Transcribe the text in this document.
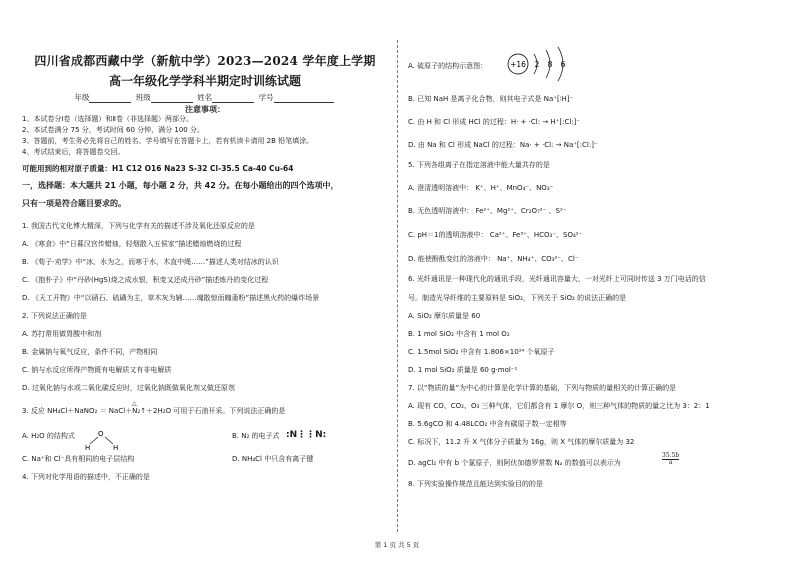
四川省成都西藏中学（新航中学）2023—2024 学年度上学期
高一年级化学学科半期定时训练试题
年级	班级	姓名	学号
注意事项：
1、本试卷分Ⅰ卷（选择题）和Ⅱ卷（非选择题）两部分。
2、本试卷满分 75 分，考试时间 60 分钟，满分 100 分。
3、答题前，考生务必先将自己的姓名、学号填写在答题卡上，若有机读卡请用 2B 铅笔填涂。
4、考试结束后，将答题卷交回。
可能用到的相对原子质量：H1 C12 O16 Na23 S-32 Cl-35.5 Ca-40 Cu-64
一，选择题：本大题共 21 小题，每小题 2 分，共 42 分。在每小题给出的四个选项中，
只有一项是符合题目要求的。
1. 我国古代文化博大精深，下列与化学有关的描述不涉及氧化还原反应的是
A. 《寒食》中“日暮汉宫传蜡烛，轻烟散入五侯家”描述蜡烛燃烧的过程
B. 《荀子·劝学》中“冰，水为之，而寒于水，木直中绳……”描述人类对结冰的认识
C. 《抱朴子》中“丹砂(HgS)烧之成水银，积变又还成丹砂”描述炼丹的变化过程
D. 《天工开物》中“以硝石、硫磺为主，草木灰为辅……魂散惊而魄齑粉”描述黑火药的爆炸场景
2. 下列说法正确的是
A. 苏打常用做胃酸中和剂
B. 金属钠与氧气反应，条件不同，产物相同
C. 钠与水反应所得产物既有电解质又有非电解质
D. 过氧化钠与水或二氧化碳反应时，过氧化钠既做氧化剂又做还原剂
3. 反应 NH₄Cl＋NaNO₂ ＝ NaCl＋N₂↑＋2H₂O 可用于石油开采。下列说法正确的是
△
A. H₂O 的结构式	O
H	H
B. N₂ 的电子式 :N⋮⋮N:
C. Na⁺和 Cl⁻具有相同的电子层结构	D. NH₄Cl 中只含有离子键
4. 下列对化学用语的描述中，不正确的是
A. 硫原子的结构示意图：	+16 2 8 6
B. 已知 NaH 是离子化合物，则其电子式是 Na⁺[∶H]⁻
C. 由 H 和 Cl 形成 HCl 的过程：H· + ·Cl: → H⁺[:Cl:]⁻
D. 由 Na 和 Cl 形成 NaCl 的过程：Na· + ·Cl: → Na⁺[:Cl:]⁻
5. 下列各组离子在指定溶液中能大量共存的是
A. 澄清透明溶液中： K⁺、H⁺、MnO₄⁻、NO₃⁻
B. 无色透明溶液中： Fe²⁺、Mg²⁺、Cr₂O₇²⁻ 、S²⁻
C. pH＝1的透明溶液中： Ca²⁺、Fe³⁺、HCO₃⁻、SO₄²⁻
D. 能使酚酞变红的溶液中： Na⁺、NH₄⁺、CO₃²⁻、Cl⁻
6. 光纤通讯是一种现代化的通讯手段，光纤通讯容量大，一对光纤上可同时传送 3 万门电话的信
号。制造光导纤维的主要原料是 SiO₂，下列关于 SiO₂ 的说法正确的是
A. SiO₂ 摩尔质量是 60
B. 1 mol SiO₂ 中含有 1 mol O₂
C. 1.5mol SiO₂ 中含有 1.806×10²⁴ 个氧原子
D. 1 mol SiO₂ 质量是 60 g·mol⁻¹
7. 以“物质的量”为中心的计算是化学计算的基础，下列与物质的量相关的计算正确的是
A. 现有 CO、CO₂、O₃ 三种气体，它们都含有 1 摩尔 O，则三种气体的物质的量之比为 3：2：1
B. 5.6gCO 和 4.48LCO₂ 中含有碳原子数一定相等
C. 标况下，11.2 升 X 气体分子质量为 16g，则 X 气体的摩尔质量为 32
D. agCl₂ 中有 b 个氯原子，则阿伏加德罗常数 Nₐ 的数值可以表示为	$\frac{35.5b}{a}$
8. 下列实验操作规范且能达到实验目的的是
第 1 页 共 5 页
